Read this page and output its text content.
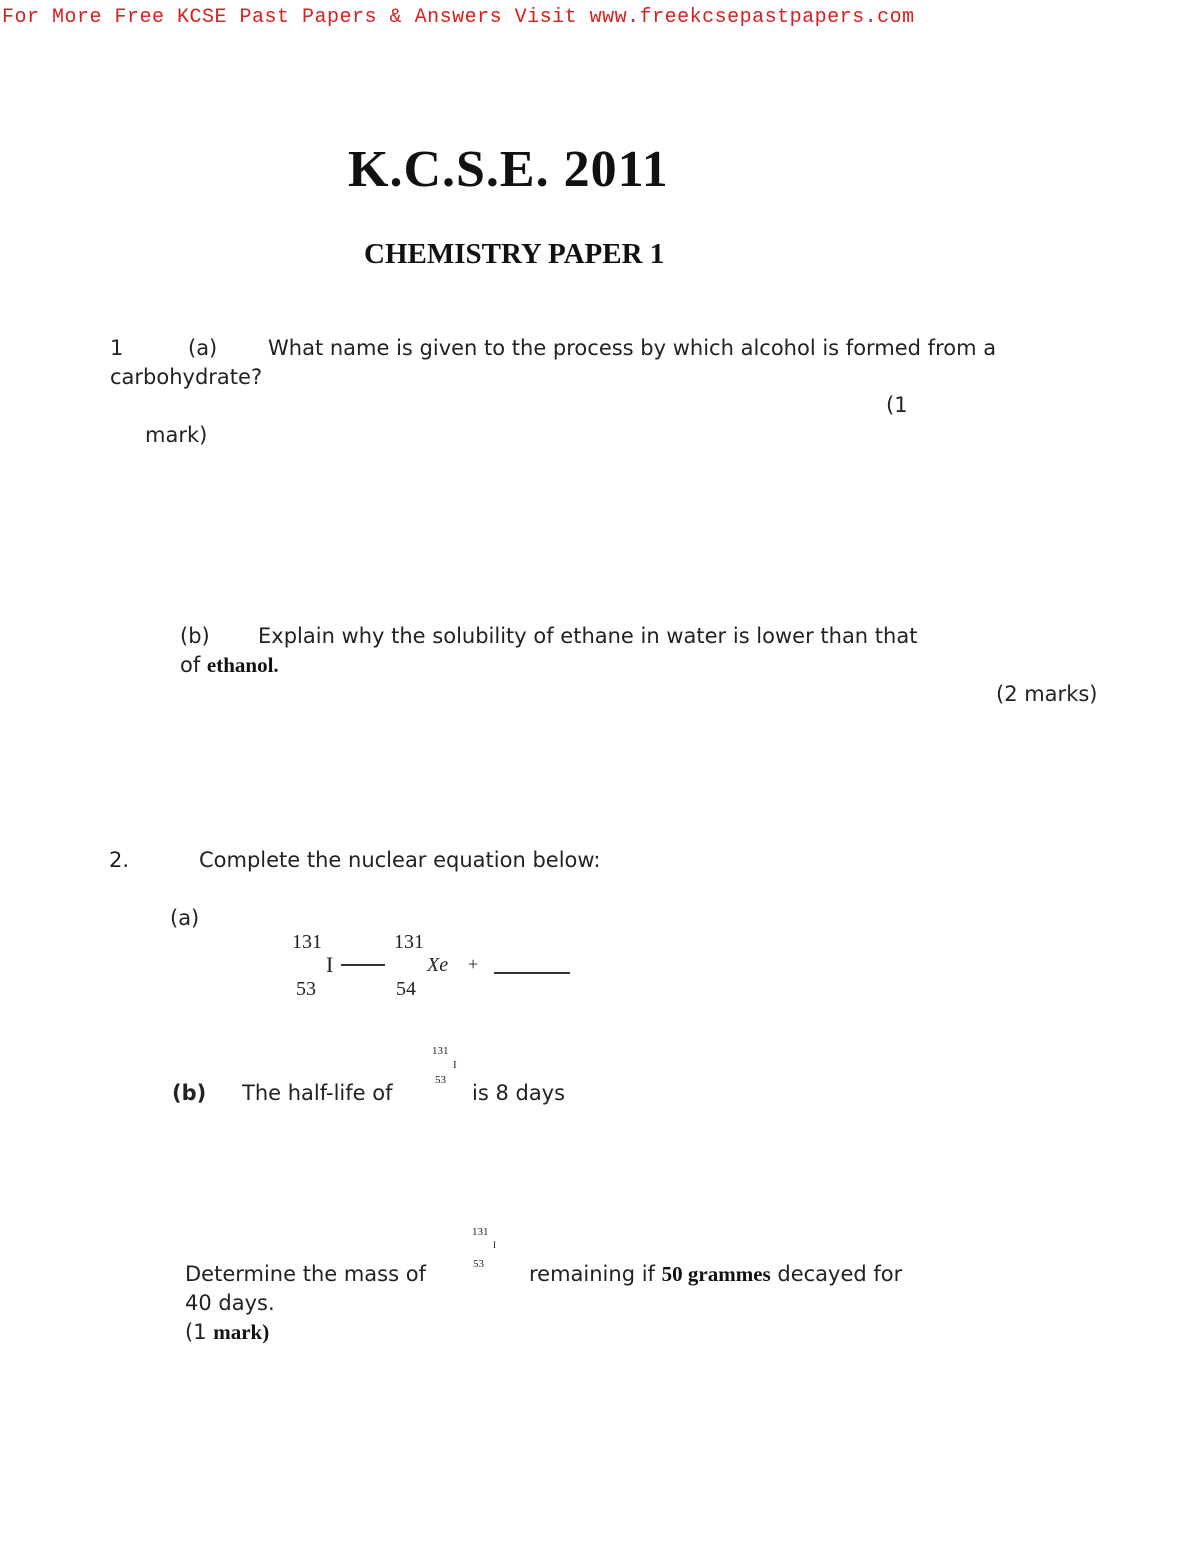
For More Free KCSE Past Papers & Answers Visit www.freekcsepastpapers.com
K.C.S.E. 2011
CHEMISTRY PAPER 1
1	(a) What name is given to the process by which alcohol is formed from a
carbohydrate?
(1
mark)
(b) Explain why the solubility of ethane in water is lower than that
of ethanol.
(2 marks)
2.	Complete the nuclear equation below:
(a)
131
I
53
131
Xe
54
+
(b) The half-life of
131
I
53
is 8 days
Determine the mass of
131
I
53 remaining if 50 grammes decayed for
40 days.
(1 mark)
